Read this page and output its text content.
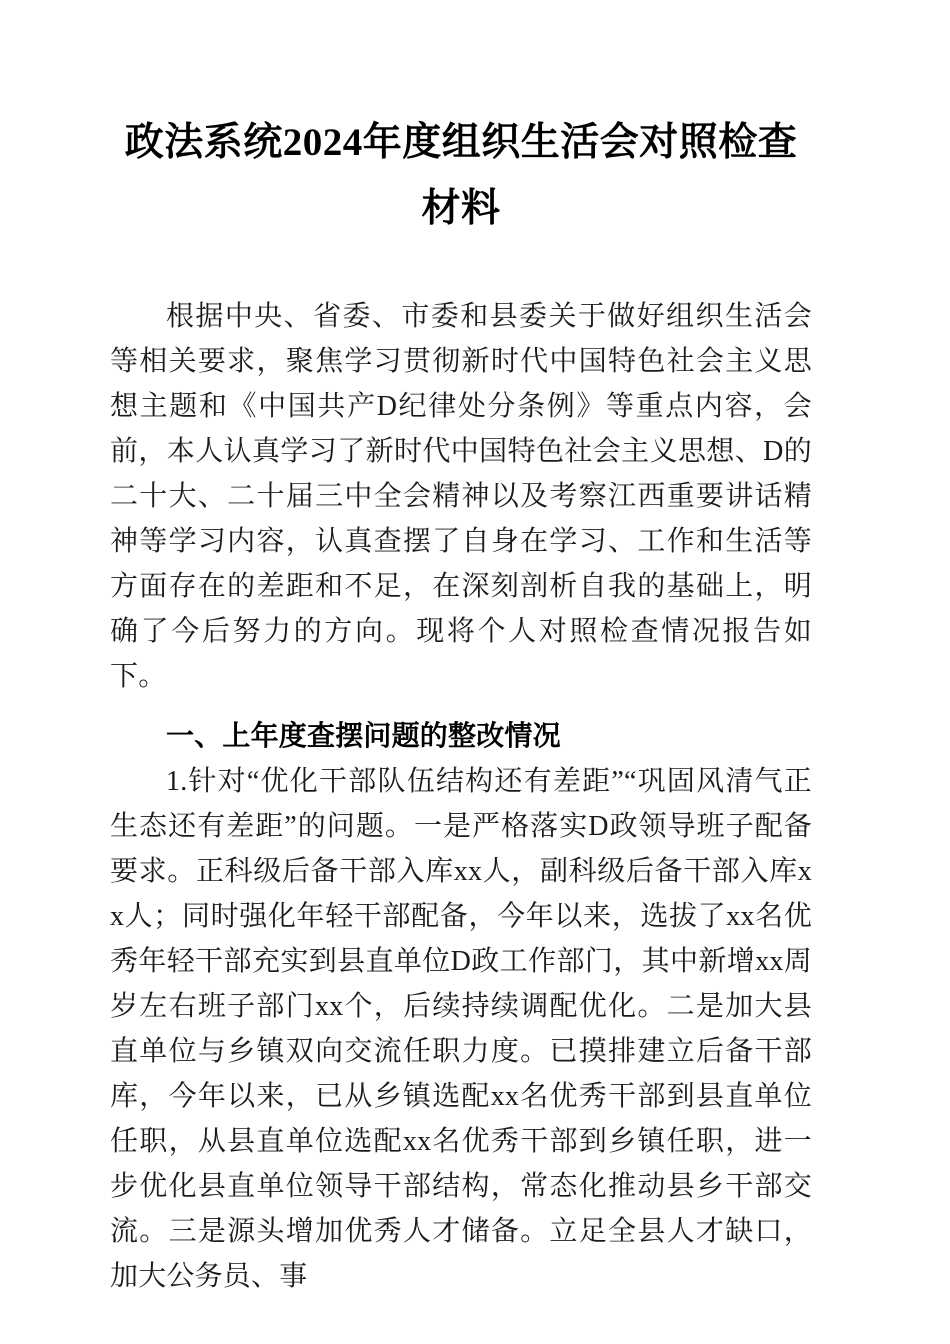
政法系统2024年度组织生活会对照检查材料

根据中央、省委、市委和县委关于做好组织生活会等相关要求，聚焦学习贯彻新时代中国特色社会主义思想主题和《中国共产D纪律处分条例》等重点内容，会前，本人认真学习了新时代中国特色社会主义思想、D的二十大、二十届三中全会精神以及考察江西重要讲话精神等学习内容，认真查摆了自身在学习、工作和生活等方面存在的差距和不足，在深刻剖析自我的基础上，明确了今后努力的方向。现将个人对照检查情况报告如下。

一、上年度查摆问题的整改情况

1.针对“优化干部队伍结构还有差距”“巩固风清气正生态还有差距”的问题。一是严格落实D政领导班子配备要求。正科级后备干部入库xx人，副科级后备干部入库xx人；同时强化年轻干部配备，今年以来，选拔了xx名优秀年轻干部充实到县直单位D政工作部门，其中新增xx周岁左右班子部门xx个，后续持续调配优化。二是加大县直单位与乡镇双向交流任职力度。已摸排建立后备干部库，今年以来，已从乡镇选配xx名优秀干部到县直单位任职，从县直单位选配xx名优秀干部到乡镇任职，进一步优化县直单位领导干部结构，常态化推动县乡干部交流。三是源头增加优秀人才储备。立足全县人才缺口，加大公务员、事
